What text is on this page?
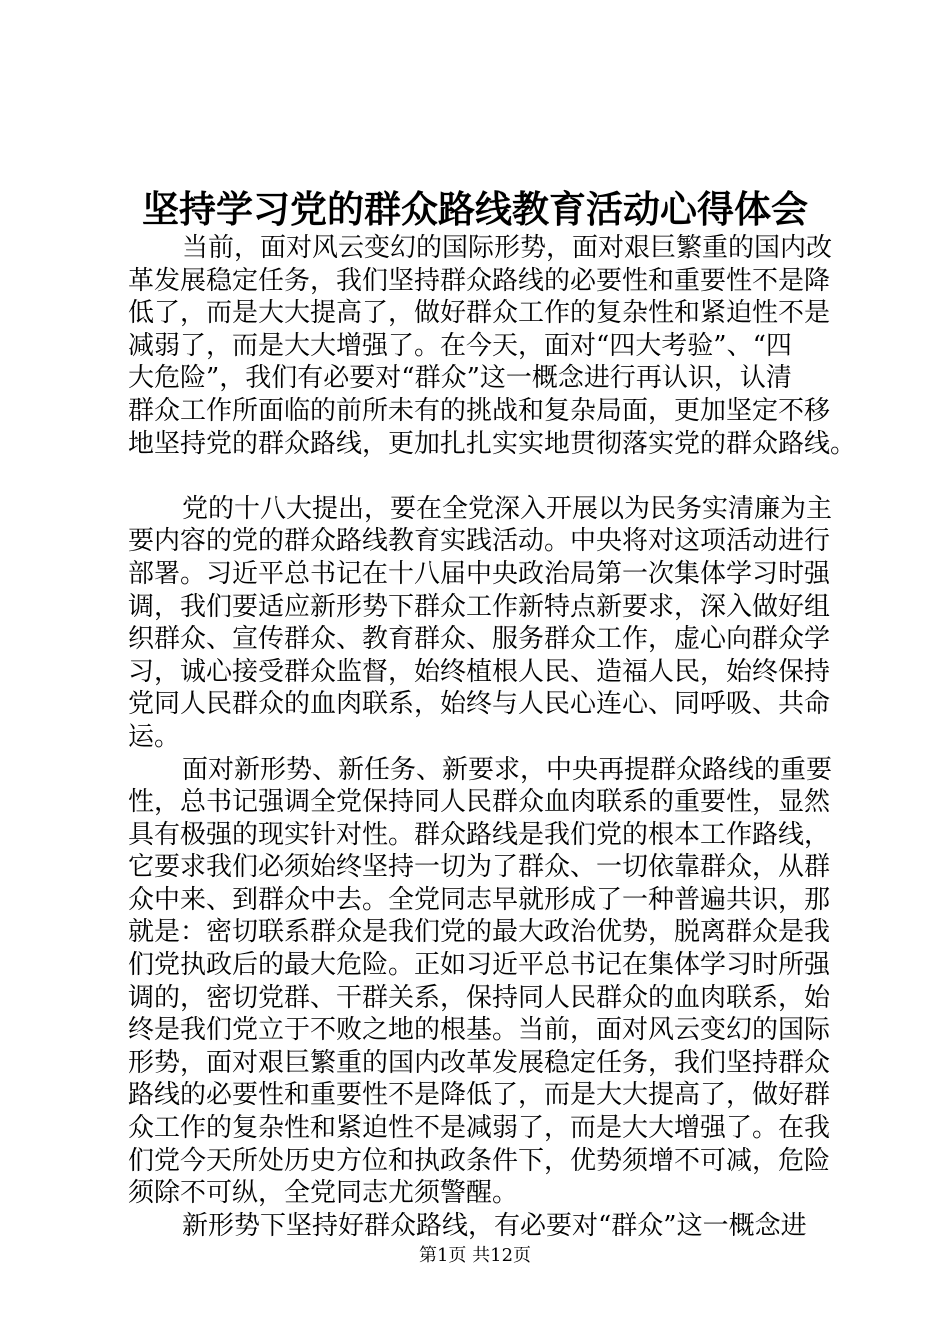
坚持学习党的群众路线教育活动心得体会

当前，面对风云变幻的国际形势，面对艰巨繁重的国内改
革发展稳定任务，我们坚持群众路线的必要性和重要性不是降
低了，而是大大提高了，做好群众工作的复杂性和紧迫性不是
减弱了，而是大大增强了。在今天，面对“四大考验”、“四
大危险”，我们有必要对“群众”这一概念进行再认识，认清
群众工作所面临的前所未有的挑战和复杂局面，更加坚定不移
地坚持党的群众路线，更加扎扎实实地贯彻落实党的群众路线。

党的十八大提出，要在全党深入开展以为民务实清廉为主
要内容的党的群众路线教育实践活动。中央将对这项活动进行
部署。习近平总书记在十八届中央政治局第一次集体学习时强
调，我们要适应新形势下群众工作新特点新要求，深入做好组
织群众、宣传群众、教育群众、服务群众工作，虚心向群众学
习，诚心接受群众监督，始终植根人民、造福人民，始终保持
党同人民群众的血肉联系，始终与人民心连心、同呼吸、共命
运。

面对新形势、新任务、新要求，中央再提群众路线的重要
性，总书记强调全党保持同人民群众血肉联系的重要性，显然
具有极强的现实针对性。群众路线是我们党的根本工作路线，
它要求我们必须始终坚持一切为了群众、一切依靠群众，从群
众中来、到群众中去。全党同志早就形成了一种普遍共识，那
就是：密切联系群众是我们党的最大政治优势，脱离群众是我
们党执政后的最大危险。正如习近平总书记在集体学习时所强
调的，密切党群、干群关系，保持同人民群众的血肉联系，始
终是我们党立于不败之地的根基。当前，面对风云变幻的国际
形势，面对艰巨繁重的国内改革发展稳定任务，我们坚持群众
路线的必要性和重要性不是降低了，而是大大提高了，做好群
众工作的复杂性和紧迫性不是减弱了，而是大大增强了。在我
们党今天所处历史方位和执政条件下，优势须增不可减，危险
须除不可纵，全党同志尤须警醒。

新形势下坚持好群众路线，有必要对“群众”这一概念进

第1页 共12页
